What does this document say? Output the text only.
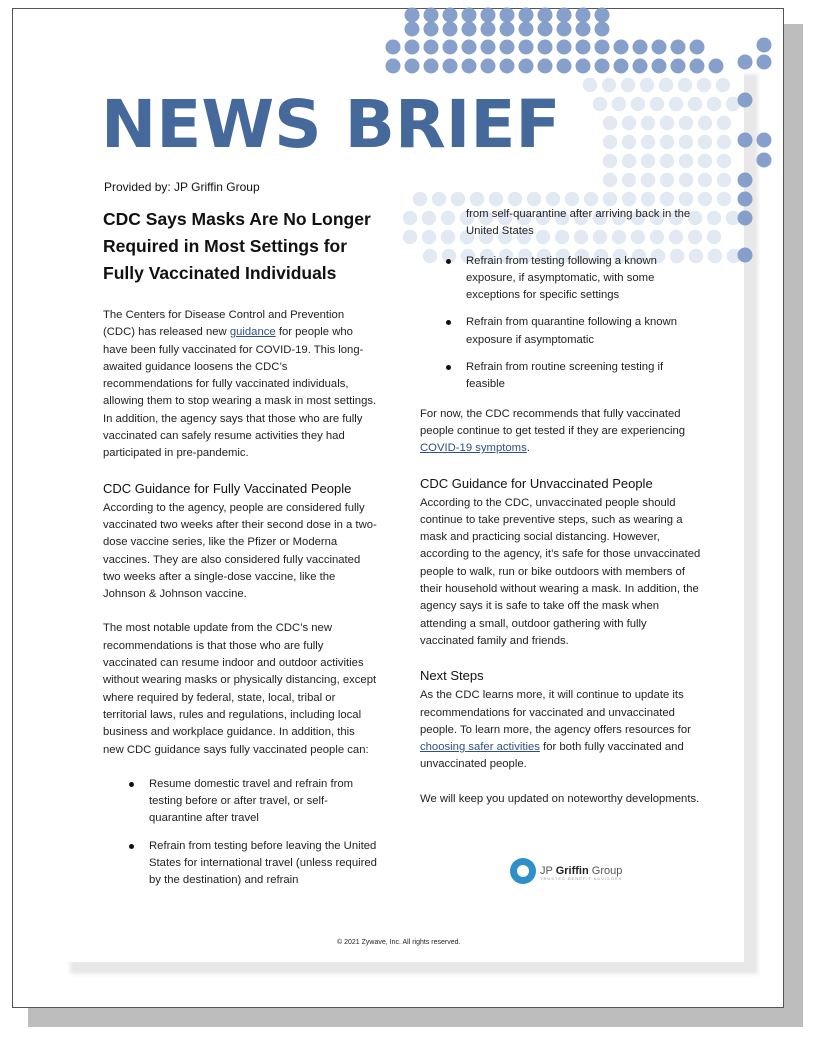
NEWS BRIEF
Provided by: JP Griffin Group
CDC Says Masks Are No Longer Required in Most Settings for Fully Vaccinated Individuals

The Centers for Disease Control and Prevention (CDC) has released new guidance for people who have been fully vaccinated for COVID-19. This long-awaited guidance loosens the CDC’s recommendations for fully vaccinated individuals, allowing them to stop wearing a mask in most settings. In addition, the agency says that those who are fully vaccinated can safely resume activities they had participated in pre-pandemic.

CDC Guidance for Fully Vaccinated People

According to the agency, people are considered fully vaccinated two weeks after their second dose in a two-dose vaccine series, like the Pfizer or Moderna vaccines. They are also considered fully vaccinated two weeks after a single-dose vaccine, like the Johnson & Johnson vaccine.

The most notable update from the CDC’s new recommendations is that those who are fully vaccinated can resume indoor and outdoor activities without wearing masks or physically distancing, except where required by federal, state, local, tribal or territorial laws, rules and regulations, including local business and workplace guidance. In addition, this new CDC guidance says fully vaccinated people can:

Resume domestic travel and refrain from testing before or after travel, or self-quarantine after travel
Refrain from testing before leaving the United States for international travel (unless required by the destination) and refrain
from self-quarantine after arriving back in the United States
Refrain from testing following a known exposure, if asymptomatic, with some exceptions for specific settings
Refrain from quarantine following a known exposure if asymptomatic
Refrain from routine screening testing if feasible

For now, the CDC recommends that fully vaccinated people continue to get tested if they are experiencing COVID-19 symptoms.

CDC Guidance for Unvaccinated People

According to the CDC, unvaccinated people should continue to take preventive steps, such as wearing a mask and practicing social distancing. However, according to the agency, it’s safe for those unvaccinated people to walk, run or bike outdoors with members of their household without wearing a mask. In addition, the agency says it is safe to take off the mask when attending a small, outdoor gathering with fully vaccinated family and friends.

Next Steps

As the CDC learns more, it will continue to update its recommendations for vaccinated and unvaccinated people. To learn more, the agency offers resources for choosing safer activities for both fully vaccinated and unvaccinated people.

We will keep you updated on noteworthy developments.

JP Griffin Group
TRUSTED BENEFIT ADVISORS
© 2021 Zywave, Inc. All rights reserved.
